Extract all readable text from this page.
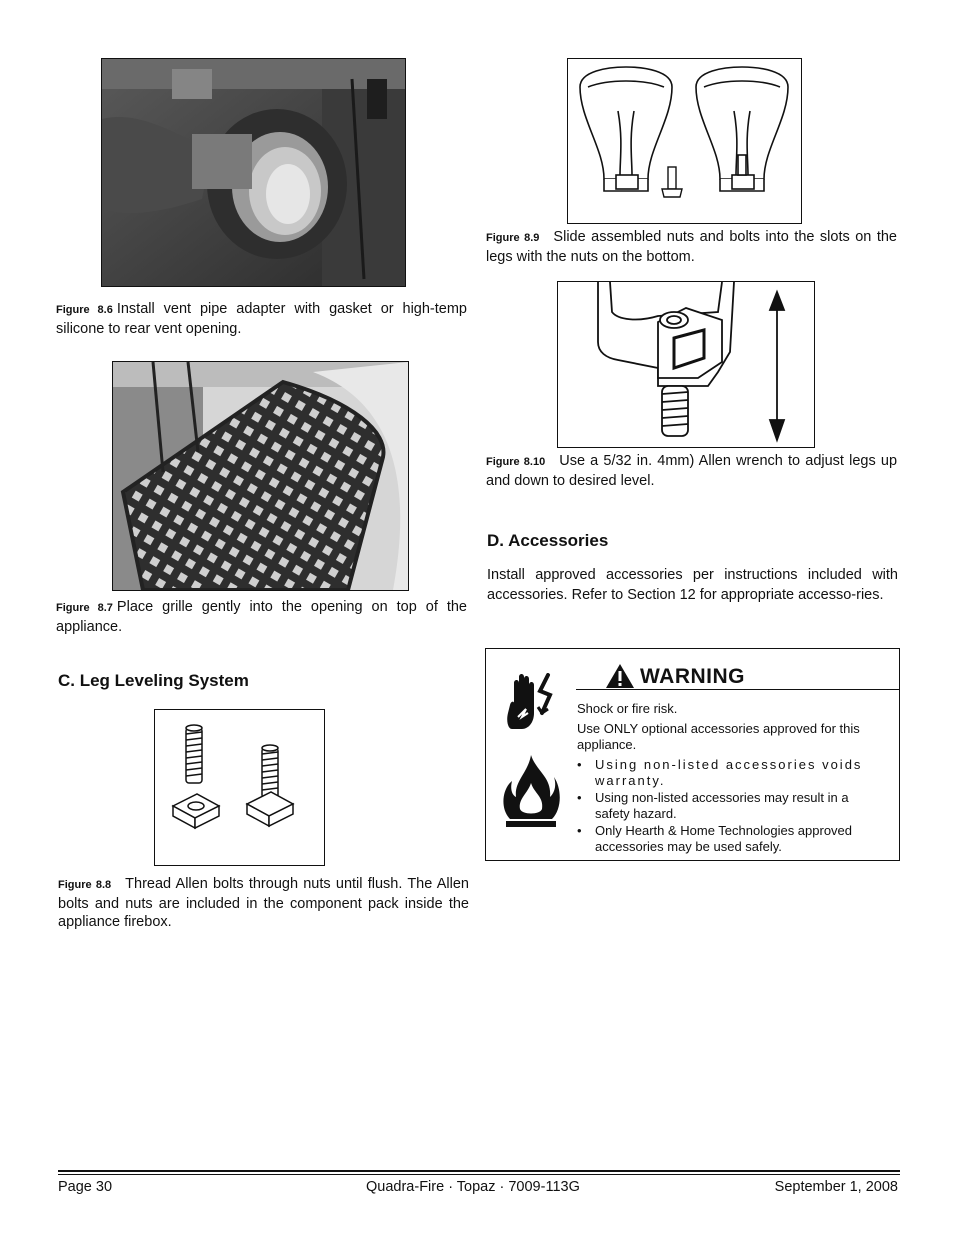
Figure 8.6 Install vent pipe adapter with gasket or high-temp silicone to rear vent opening.
Figure 8.7 Place grille gently into the opening on top of the appliance.
C. Leg Leveling System
Figure 8.8 Thread Allen bolts through nuts until flush. The Allen bolts and nuts are included in the component pack inside the appliance firebox.
Figure 8.9 Slide assembled nuts and bolts into the slots on the legs with the nuts on the bottom.
Figure 8.10 Use a 5/32 in. 4mm) Allen wrench to adjust legs up and down to desired level.
D. Accessories
Install approved accessories per instructions included with accessories. Refer to Section 12 for appropriate accesso-ries.
WARNING

Shock or fire risk.

Use ONLY optional accessories approved for this appliance.

• Using non-listed accessories voids warranty.
• Using non-listed accessories may result in a safety hazard.
• Only Hearth & Home Technologies approved accessories may be used safely.
Page 30	Quadra-Fire · Topaz · 7009-113G	September 1, 2008
